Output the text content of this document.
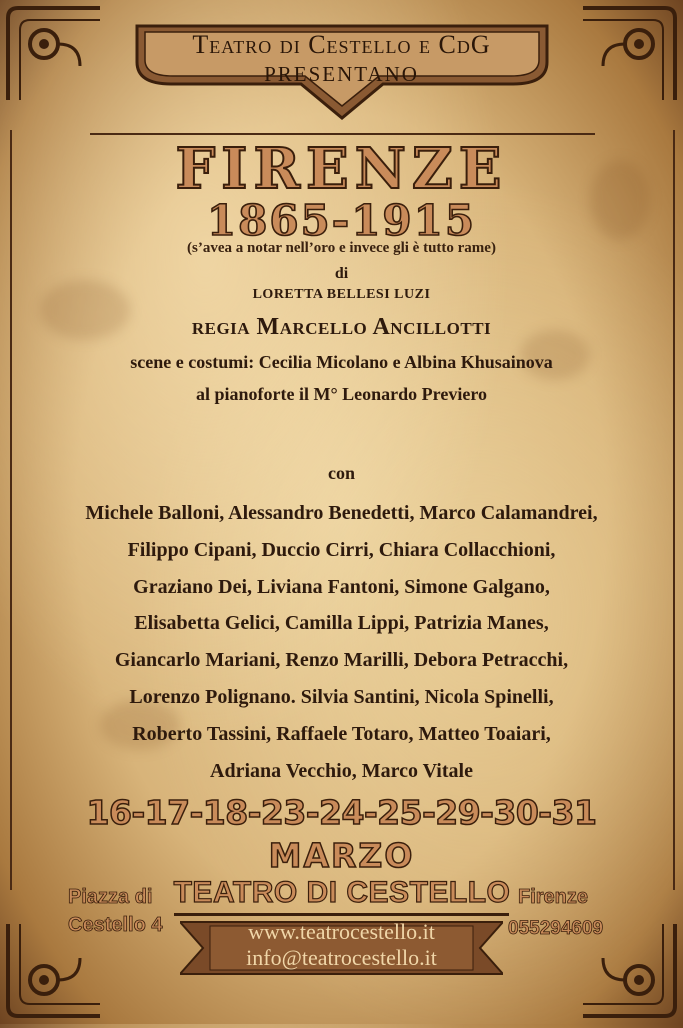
Teatro di Cestello e CdG
PRESENTANO
FIRENZE
1865-1915
(s’avea a notar nell’oro e invece gli è tutto rame)
di
LORETTA BELLESI LUZI
regia Marcello Ancillotti
scene e costumi: Cecilia Micolano e Albina Khusainova
al pianoforte il M° Leonardo Previero
con
Michele Balloni, Alessandro Benedetti, Marco Calamandrei,
Filippo Cipani, Duccio Cirri, Chiara Collacchioni,
Graziano Dei, Liviana Fantoni, Simone Galgano,
Elisabetta Gelici, Camilla Lippi, Patrizia Manes,
Giancarlo Mariani, Renzo Marilli, Debora Petracchi,
Lorenzo Polignano. Silvia Santini, Nicola Spinelli,
Roberto Tassini, Raffaele Totaro, Matteo Toaiari,
Adriana Vecchio, Marco Vitale
16-17-18-23-24-25-29-30-31
MARZO
Piazza di
Cestello 4
TEATRO DI CESTELLO Firenze
055294609
www.teatrocestello.it
info@teatrocestello.it
